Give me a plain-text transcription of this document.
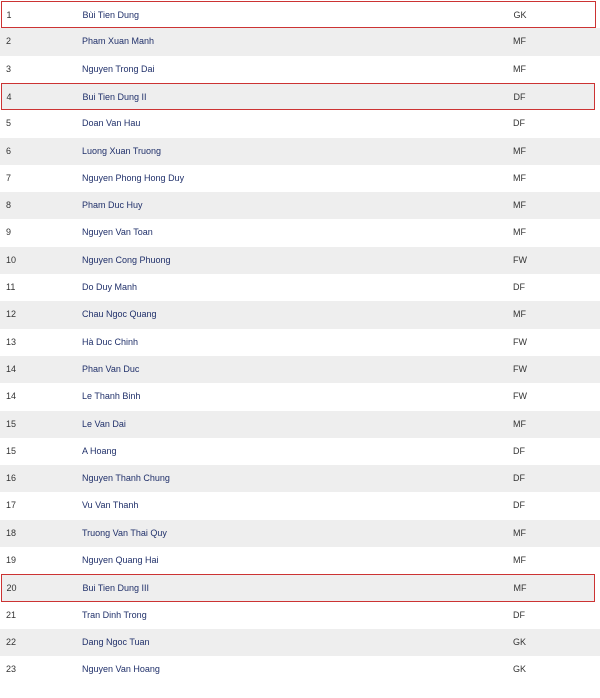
1	Bùi Tien Dung	GK
2	Pham Xuan Manh	MF
3	Nguyen Trong Dai	MF
4	Bui Tien Dung II	DF
5	Doan Van Hau	DF
6	Luong Xuan Truong	MF
7	Nguyen Phong Hong Duy	MF
8	Pham Duc Huy	MF
9	Nguyen Van Toan	MF
10	Nguyen Cong Phuong	FW
11	Do Duy Manh	DF
12	Chau Ngoc Quang	MF
13	Hà Duc Chinh	FW
14	Phan Van Duc	FW
14	Le Thanh Binh	FW
15	Le Van Dai	MF
15	A Hoang	DF
16	Nguyen Thanh Chung	DF
17	Vu Van Thanh	DF
18	Truong Van Thai Quy	MF
19	Nguyen Quang Hai	MF
20	Bui Tien Dung III	MF
21	Tran Dinh Trong	DF
22	Dang Ngoc Tuan	GK
23	Nguyen Van Hoang	GK
